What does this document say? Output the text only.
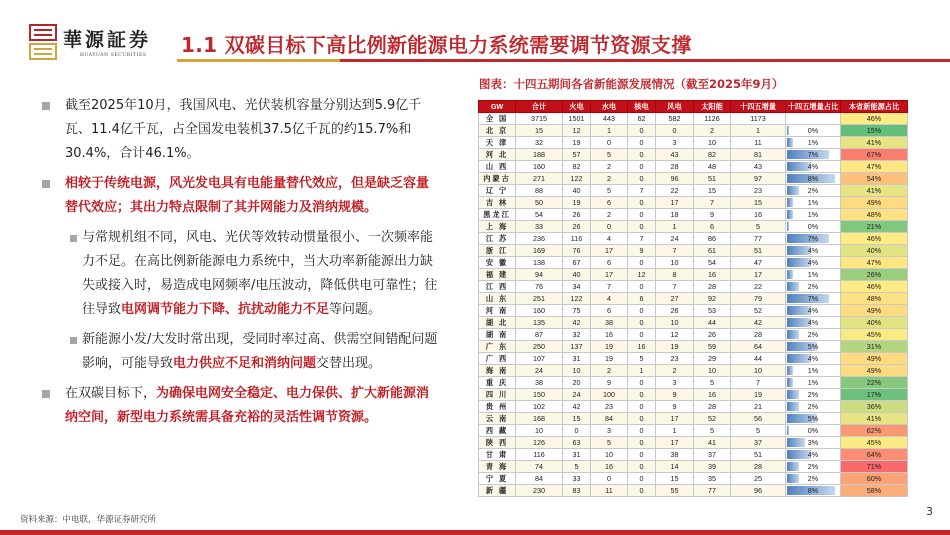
華源証券
HUAYUAN SECURITIES 1.1 双碳目标下高比例新能源电力系统需要调节资源支撑
截至2025年10月，我国风电、光伏装机容量分别达到5.9亿千瓦、11.4亿千瓦，占全国发电装机37.5亿千瓦的约15.7%和30.4%，合计46.1%。
相较于传统电源，风光发电具有电能量替代效应，但是缺乏容量替代效应；其出力特点限制了其并网能力及消纳规模。
与常规机组不同，风电、光伏等效转动惯量很小、一次频率能力不足。在高比例新能源电力系统中，当大功率新能源出力缺失或接入时，易造成电网频率/电压波动，降低供电可靠性；往往导致电网调节能力下降、抗扰动能力不足等问题。
新能源小发/大发时常出现，受同时率过高、供需空间错配问题影响，可能导致电力供应不足和消纳问题交替出现。
在双碳目标下，为确保电网安全稳定、电力保供、扩大新能源消纳空间，新型电力系统需具备充裕的灵活性调节资源。
图表：十四五期间各省新能源发展情况（截至2025年9月）
GW	合计	火电	水电	核电	风电	太阳能	十四五增量	十四五增量占比	本省新能源占比
全 国	3715	1501	443	62	582	1126	1173		46%
北 京	15	12	1	0	0	2	1	0%	15%
天 津	32	19	0	0	3	10	11	1%	41%
河 北	188	57	5	0	43	82	81	7%	67%
山 西	160	82	2	0	28	48	43	4%	47%
内蒙古	271	122	2	0	96	51	97	8%	54%
辽 宁	88	40	5	7	22	15	23	2%	41%
吉 林	50	19	6	0	17	7	15	1%	49%
黑龙江	54	26	2	0	18	9	16	1%	48%
上 海	33	26	0	0	1	6	5	0%	21%
江 苏	236	116	4	7	24	86	77	7%	46%
浙 江	169	76	17	9	7	61	51	4%	40%
安 徽	138	67	6	0	10	54	47	4%	47%
福 建	94	40	17	12	8	16	17	1%	26%
江 西	76	34	7	0	7	28	22	2%	46%
山 东	251	122	4	6	27	92	79	7%	48%
河 南	160	75	6	0	26	53	52	4%	49%
湖 北	135	42	38	0	10	44	42	4%	40%
湖 南	87	32	16	0	12	26	28	2%	45%
广 东	250	137	19	16	19	59	64	5%	31%
广 西	107	31	19	5	23	29	44	4%	49%
海 南	24	10	2	1	2	10	10	1%	49%
重 庆	38	20	9	0	3	5	7	1%	22%
四 川	150	24	100	0	9	16	19	2%	17%
贵 州	102	42	23	0	9	28	21	2%	36%
云 南	168	15	84	0	17	52	56	5%	41%
西 藏	10	0	3	0	1	5	5	0%	62%
陕 西	126	63	5	0	17	41	37	3%	45%
甘 肃	116	31	10	0	38	37	51	4%	64%
青 海	74	5	16	0	14	39	28	2%	71%
宁 夏	84	33	0	0	15	35	25	2%	60%
新 疆	230	83	11	0	55	77	96	8%	58%
资料来源：中电联，华源证券研究所
3
